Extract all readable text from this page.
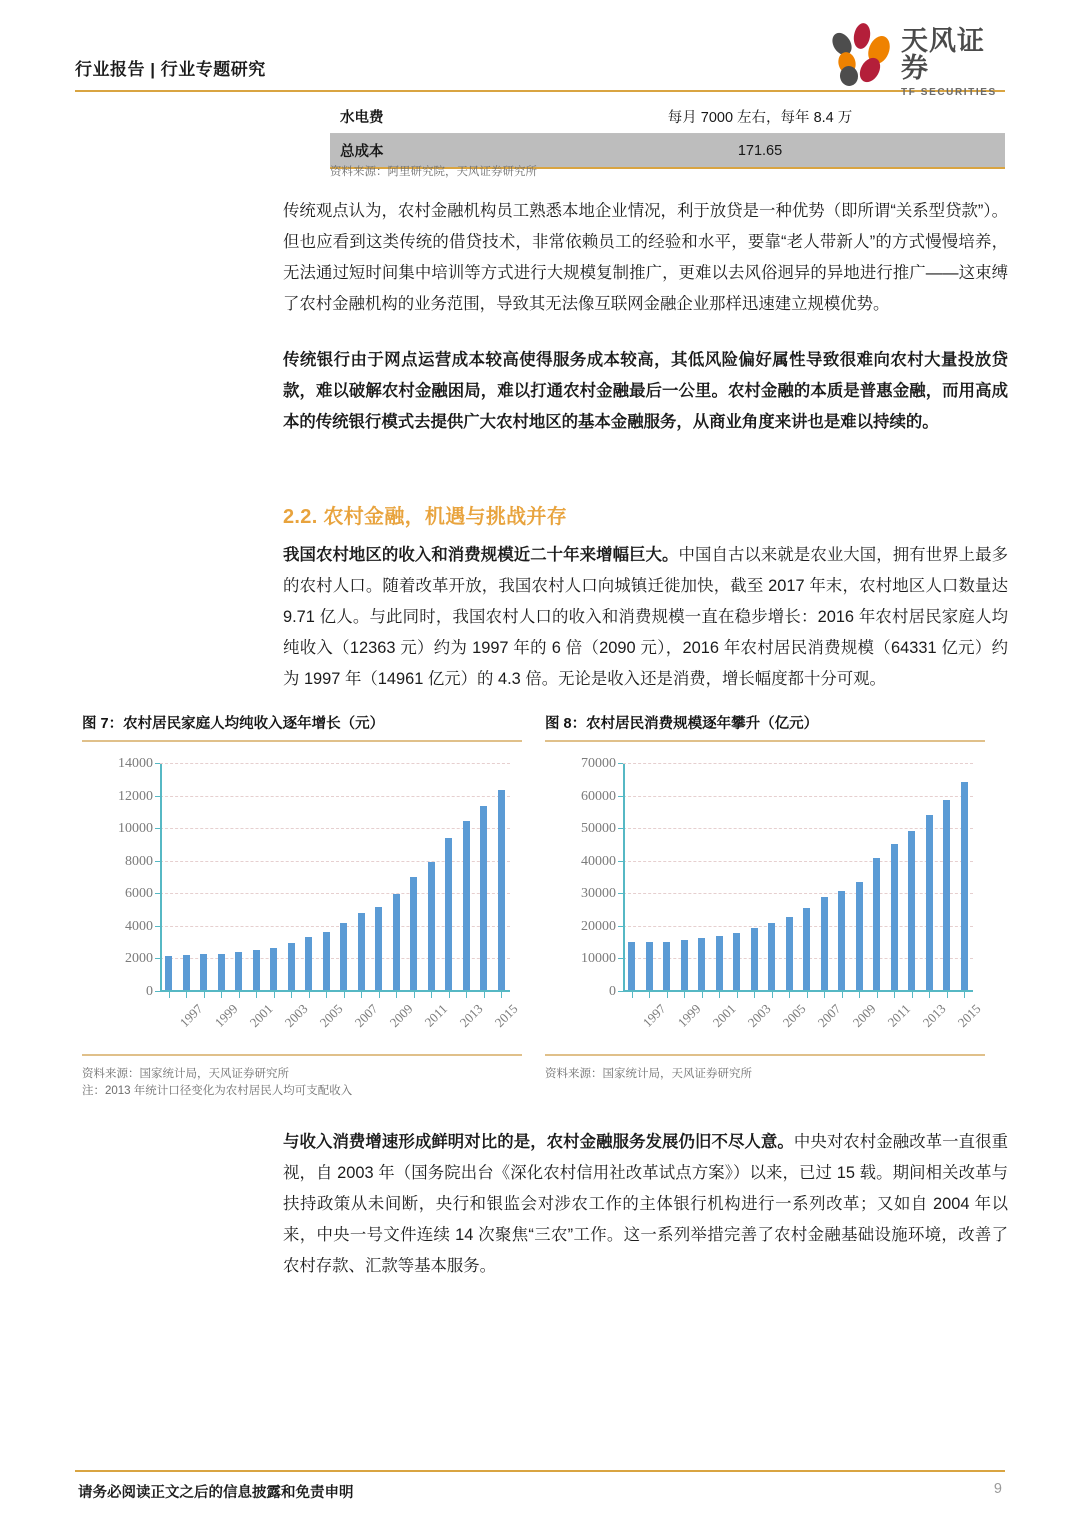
行业报告 | 行业专题研究
天风证券
TF SECURITIES
水电费	每月 7000 左右，每年 8.4 万
总成本	171.65
资料来源：阿里研究院，天风证券研究所
传统观点认为，农村金融机构员工熟悉本地企业情况，利于放贷是一种优势（即所谓“关系型贷款”）。但也应看到这类传统的借贷技术，非常依赖员工的经验和水平，要靠“老人带新人”的方式慢慢培养，无法通过短时间集中培训等方式进行大规模复制推广，更难以去风俗迥异的异地进行推广——这束缚了农村金融机构的业务范围，导致其无法像互联网金融企业那样迅速建立规模优势。
传统银行由于网点运营成本较高使得服务成本较高，其低风险偏好属性导致很难向农村大量投放贷款，难以破解农村金融困局，难以打通农村金融最后一公里。农村金融的本质是普惠金融，而用高成本的传统银行模式去提供广大农村地区的基本金融服务，从商业角度来讲也是难以持续的。
2.2. 农村金融，机遇与挑战并存
我国农村地区的收入和消费规模近二十年来增幅巨大。中国自古以来就是农业大国，拥有世界上最多的农村人口。随着改革开放，我国农村人口向城镇迁徙加快，截至 2017 年末，农村地区人口数量达 9.71 亿人。与此同时，我国农村人口的收入和消费规模一直在稳步增长：2016 年农村居民家庭人均纯收入（12363 元）约为 1997 年的 6 倍（2090 元），2016 年农村居民消费规模（64331 亿元）约为 1997 年（14961 亿元）的 4.3 倍。无论是收入还是消费，增长幅度都十分可观。
图 7：农村居民家庭人均纯收入逐年增长（元）
0
2000
4000
6000
8000
10000
12000
14000
1997 1999 2001 2003 2005 2007 2009 2011 2013 2015
资料来源：国家统计局，天风证券研究所
图 8：农村居民消费规模逐年攀升（亿元）
0
10000
20000
30000
40000
50000
60000
70000
1997 1999 2001 2003 2005 2007 2009 2011 2013 2015
资料来源：国家统计局，天风证券研究所
注：2013 年统计口径变化为农村居民人均可支配收入
与收入消费增速形成鲜明对比的是，农村金融服务发展仍旧不尽人意。中央对农村金融改革一直很重视，自 2003 年（国务院出台《深化农村信用社改革试点方案》）以来，已过 15 载。期间相关改革与扶持政策从未间断，央行和银监会对涉农工作的主体银行机构进行一系列改革；又如自 2004 年以来，中央一号文件连续 14 次聚焦“三农”工作。这一系列举措完善了农村金融基础设施环境，改善了农村存款、汇款等基本服务。
请务必阅读正文之后的信息披露和免责申明	9
